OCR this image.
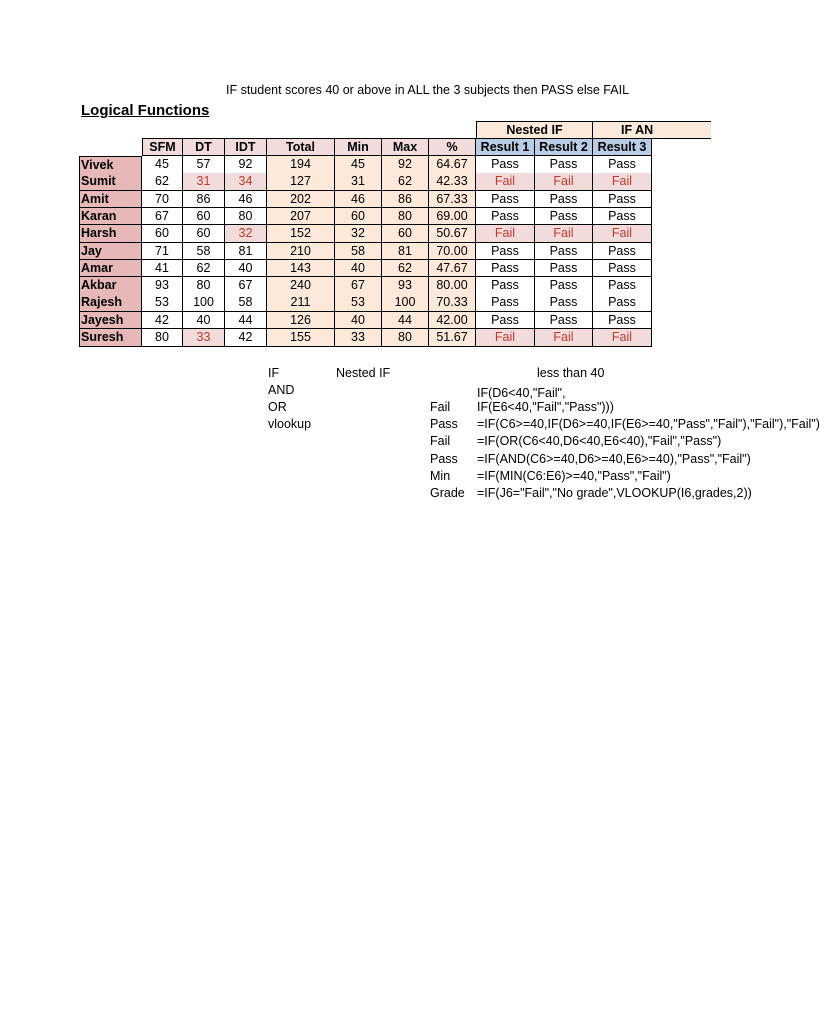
IF student scores 40 or above in ALL the 3 subjects then PASS else FAIL
Logical Functions
Nested IF	IF AN
SFM	DT	IDT	Total	Min	Max	%	Result 1 Result 2 Result 3
Vivek	45	57	92	194	45	92	64.67	Pass	Pass	Pass
Sumit	62	31	34	127	31	62	42.33	Fail	Fail	Fail
Amit	70	86	46	202	46	86	67.33	Pass	Pass	Pass
Karan	67	60	80	207	60	80	69.00	Pass	Pass	Pass
Harsh	60	60	32	152	32	60	50.67	Fail	Fail	Fail
Jay	71	58	81	210	58	81	70.00	Pass	Pass	Pass
Amar	41	62	40	143	40	62	47.67	Pass	Pass	Pass
Akbar	93	80	67	240	67	93	80.00	Pass	Pass	Pass
Rajesh	53	100	58	211	53	100	70.33	Pass	Pass	Pass
Jayesh	42	40	44	126	40	44	42.00	Pass	Pass	Pass
Suresh	80	33	42	155	33	80	51.67	Fail	Fail	Fail
IF
AND
OR
vlookup
Nested IF	less than 40
IF(D6<40,"Fail",
Fail IF(E6<40,"Fail","Pass")))
Pass =IF(C6>=40,IF(D6>=40,IF(E6>=40,"Pass","Fail"),"Fail"),"Fail")
Fail =IF(OR(C6<40,D6<40,E6<40),"Fail","Pass")
Pass =IF(AND(C6>=40,D6>=40,E6>=40),"Pass","Fail")
Min =IF(MIN(C6:E6)>=40,"Pass","Fail")
Grade =IF(J6="Fail","No grade",VLOOKUP(I6,grades,2))
